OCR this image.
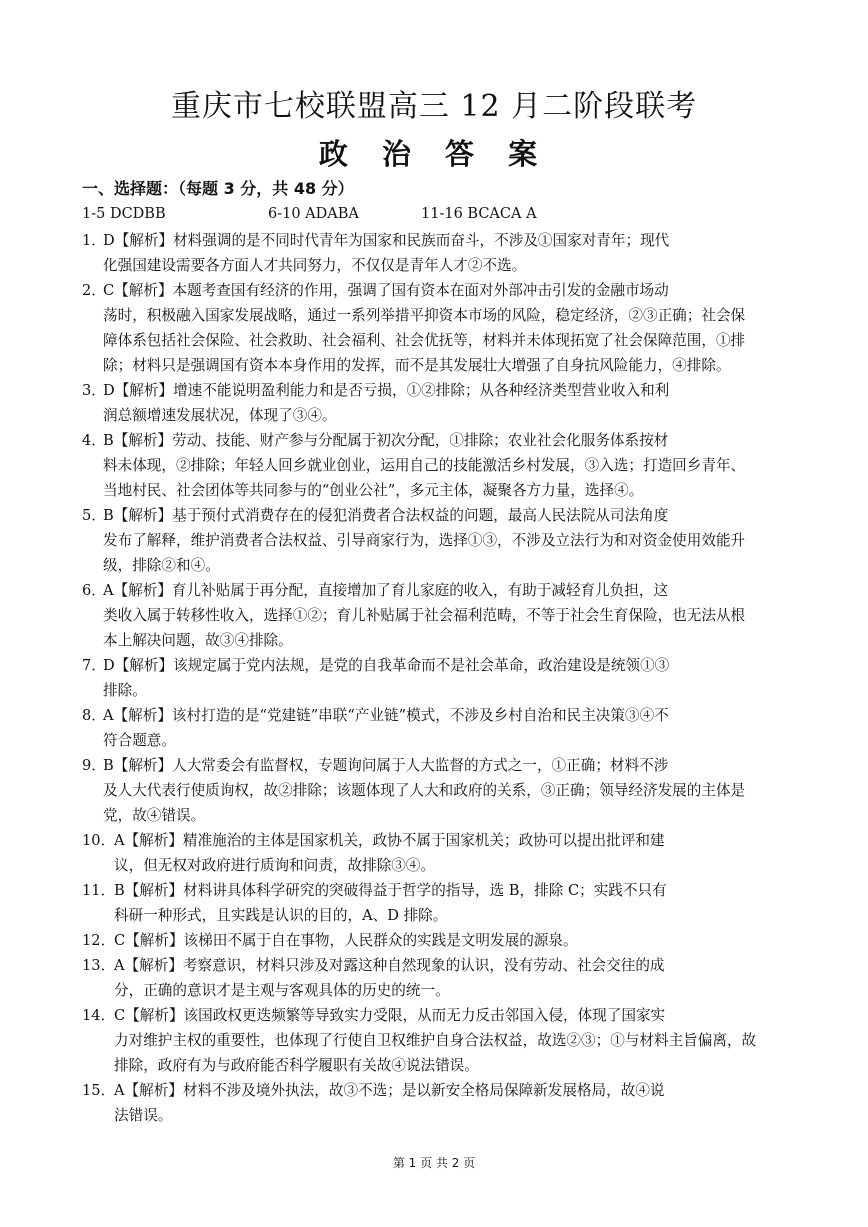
重庆市七校联盟高三 12 月二阶段联考
政 治 答 案
一、选择题：（每题 3 分，共 48 分）
1-5 DCDBB	6-10 ADABA	11-16 BCACA A
1．
D【解析】材料强调的是不同时代青年为国家和民族而奋斗，不涉及①国家对青年；现代
化强国建设需要各方面人才共同努力，不仅仅是青年人才②不选。
2．
C【解析】本题考查国有经济的作用，强调了国有资本在面对外部冲击引发的金融市场动
荡时，积极融入国家发展战略，通过一系列举措平抑资本市场的风险，稳定经济，②③正确；社会保
障体系包括社会保险、社会救助、社会福利、社会优抚等，材料并未体现拓宽了社会保障范围，①排
除；材料只是强调国有资本本身作用的发挥，而不是其发展壮大增强了自身抗风险能力，④排除。
3．
D【解析】增速不能说明盈利能力和是否亏损，①②排除；从各种经济类型营业收入和利
润总额增速发展状况，体现了③④。
4．
B【解析】劳动、技能、财产参与分配属于初次分配，①排除；农业社会化服务体系按材
料未体现，②排除；年轻人回乡就业创业，运用自己的技能激活乡村发展，③入选；打造回乡青年、
当地村民、社会团体等共同参与的“创业公社”，多元主体，凝聚各方力量，选择④。
5．
B【解析】基于预付式消费存在的侵犯消费者合法权益的问题，最高人民法院从司法角度
发布了解释，维护消费者合法权益、引导商家行为，选择①③，不涉及立法行为和对资金使用效能升
级，排除②和④。
6．
A【解析】育儿补贴属于再分配，直接增加了育儿家庭的收入，有助于减轻育儿负担，这
类收入属于转移性收入，选择①②；育儿补贴属于社会福利范畴，不等于社会生育保险，也无法从根
本上解决问题，故③④排除。
7．
D【解析】该规定属于党内法规，是党的自我革命而不是社会革命，政治建设是统领①③
排除。
8．
A【解析】该村打造的是“党建链”串联“产业链”模式，不涉及乡村自治和民主决策③④不
符合题意。
9．
B【解析】人大常委会有监督权，专题询问属于人大监督的方式之一，①正确；材料不涉
及人大代表行使质询权，故②排除；该题体现了人大和政府的关系，③正确；领导经济发展的主体是
党，故④错误。
10．
A【解析】精准施治的主体是国家机关，政协不属于国家机关；政协可以提出批评和建
议，但无权对政府进行质询和问责，故排除③④。
11．
B【解析】材料讲具体科学研究的突破得益于哲学的指导，选 B，排除 C；实践不只有
科研一种形式，且实践是认识的目的，A、D 排除。
12．
C【解析】该梯田不属于自在事物，人民群众的实践是文明发展的源泉。
13．
A【解析】考察意识，材料只涉及对露这种自然现象的认识，没有劳动、社会交往的成
分，正确的意识才是主观与客观具体的历史的统一。
14．
C【解析】该国政权更迭频繁等导致实力受限，从而无力反击邻国入侵，体现了国家实
力对维护主权的重要性，也体现了行使自卫权维护自身合法权益，故选②③；①与材料主旨偏离，故
排除，政府有为与政府能否科学履职有关故④说法错误。
15．
A【解析】材料不涉及境外执法，故③不选；是以新安全格局保障新发展格局，故④说
法错误。
第 1 页 共 2 页
